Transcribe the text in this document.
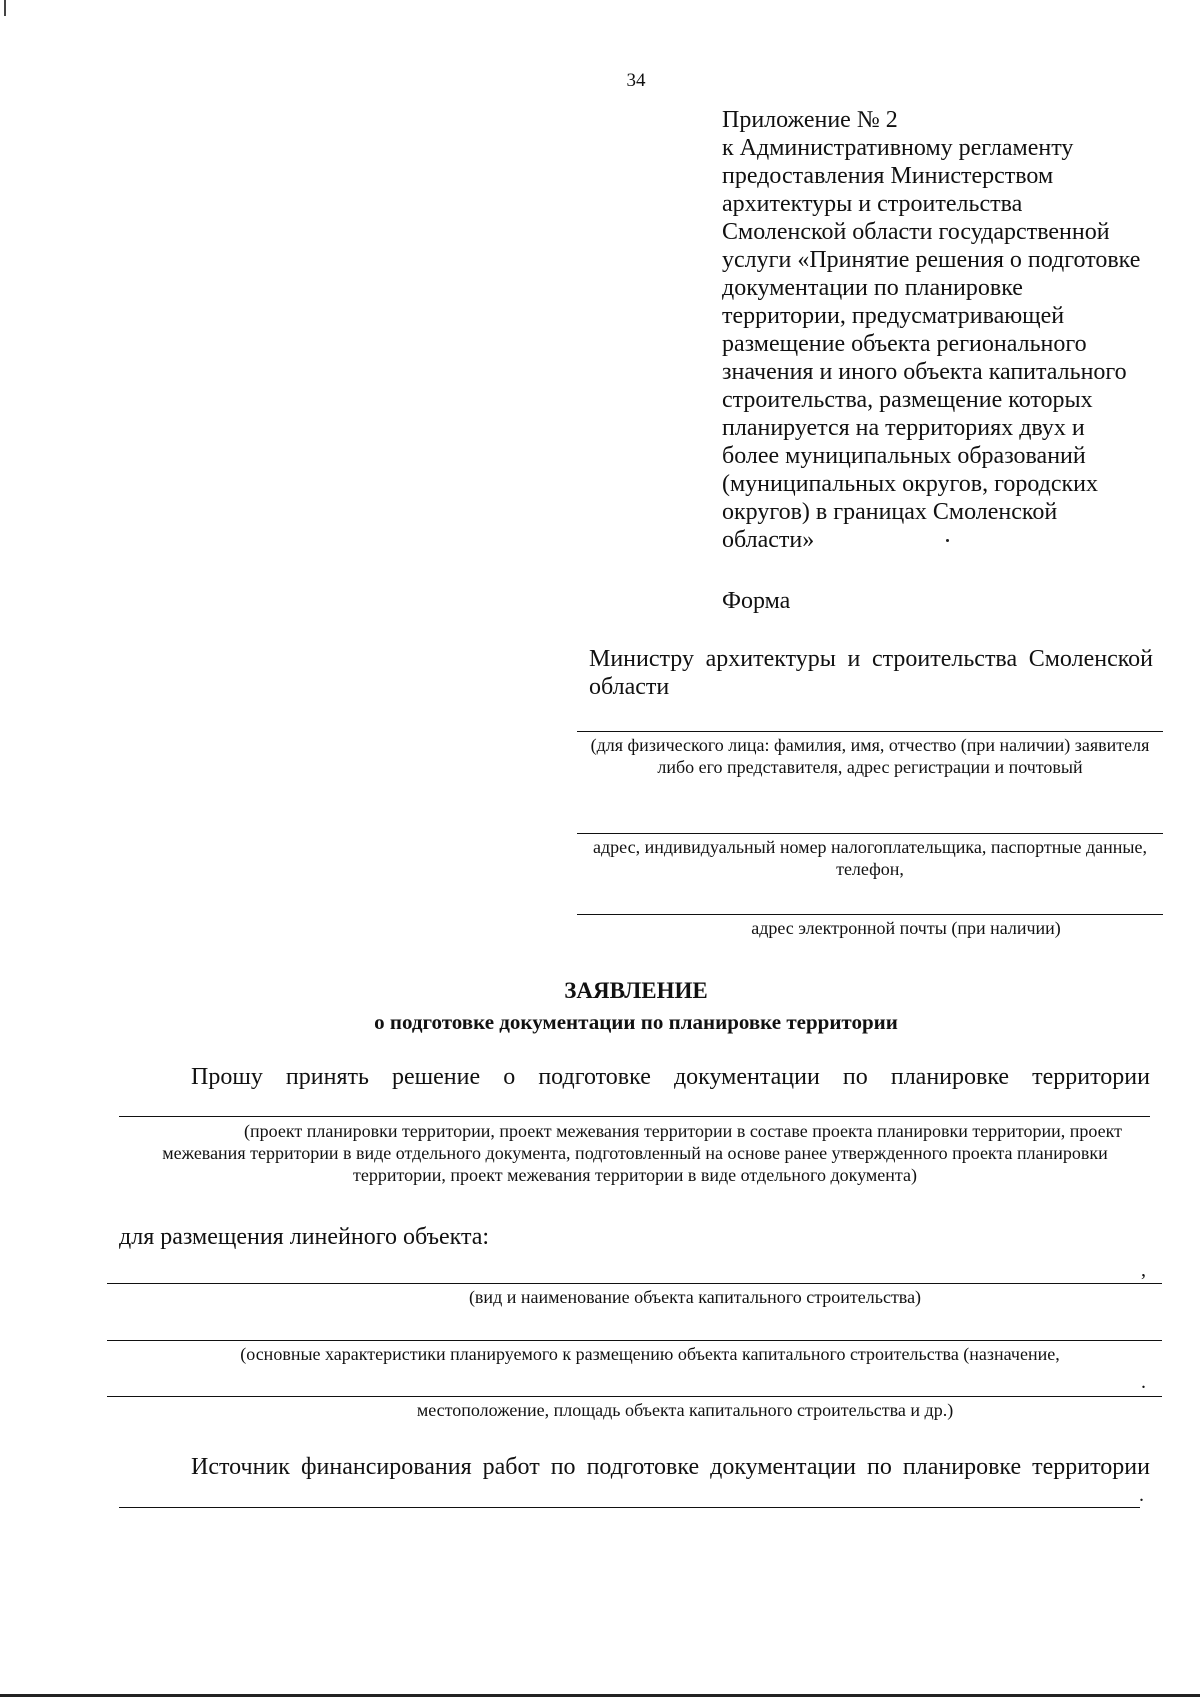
34
Приложение № 2
к Административному регламенту
предоставления Министерством
архитектуры и строительства
Смоленской области государственной
услуги «Принятие решения о подготовке
документации по планировке
территории, предусматривающей
размещение объекта регионального
значения и иного объекта капитального
строительства, размещение которых
планируется на территориях двух и
более муниципальных образований
(муниципальных округов, городских
округов) в границах Смоленской
области»
Форма
Министру архитектуры и строительства Смоленской области
(для физического лица: фамилия, имя, отчество (при наличии) заявителя либо его представителя, адрес регистрации и почтовый
адрес, индивидуальный номер налогоплательщика, паспортные данные, телефон,
адрес электронной почты (при наличии)
ЗАЯВЛЕНИЕ
о подготовке документации по планировке территории
Прошу принять решение о подготовке документации по планировке территории
(проект планировки территории, проект межевания территории в составе проекта планировки территории, проект межевания территории в виде отдельного документа, подготовленный на основе ранее утвержденного проекта планировки территории, проект межевания территории в виде отдельного документа)
для размещения линейного объекта:
,
(вид и наименование объекта капитального строительства)
(основные характеристики планируемого к размещению объекта капитального строительства (назначение,
.
местоположение, площадь объекта капитального строительства и др.)
Источник финансирования работ по подготовке документации по планировке территории
.
